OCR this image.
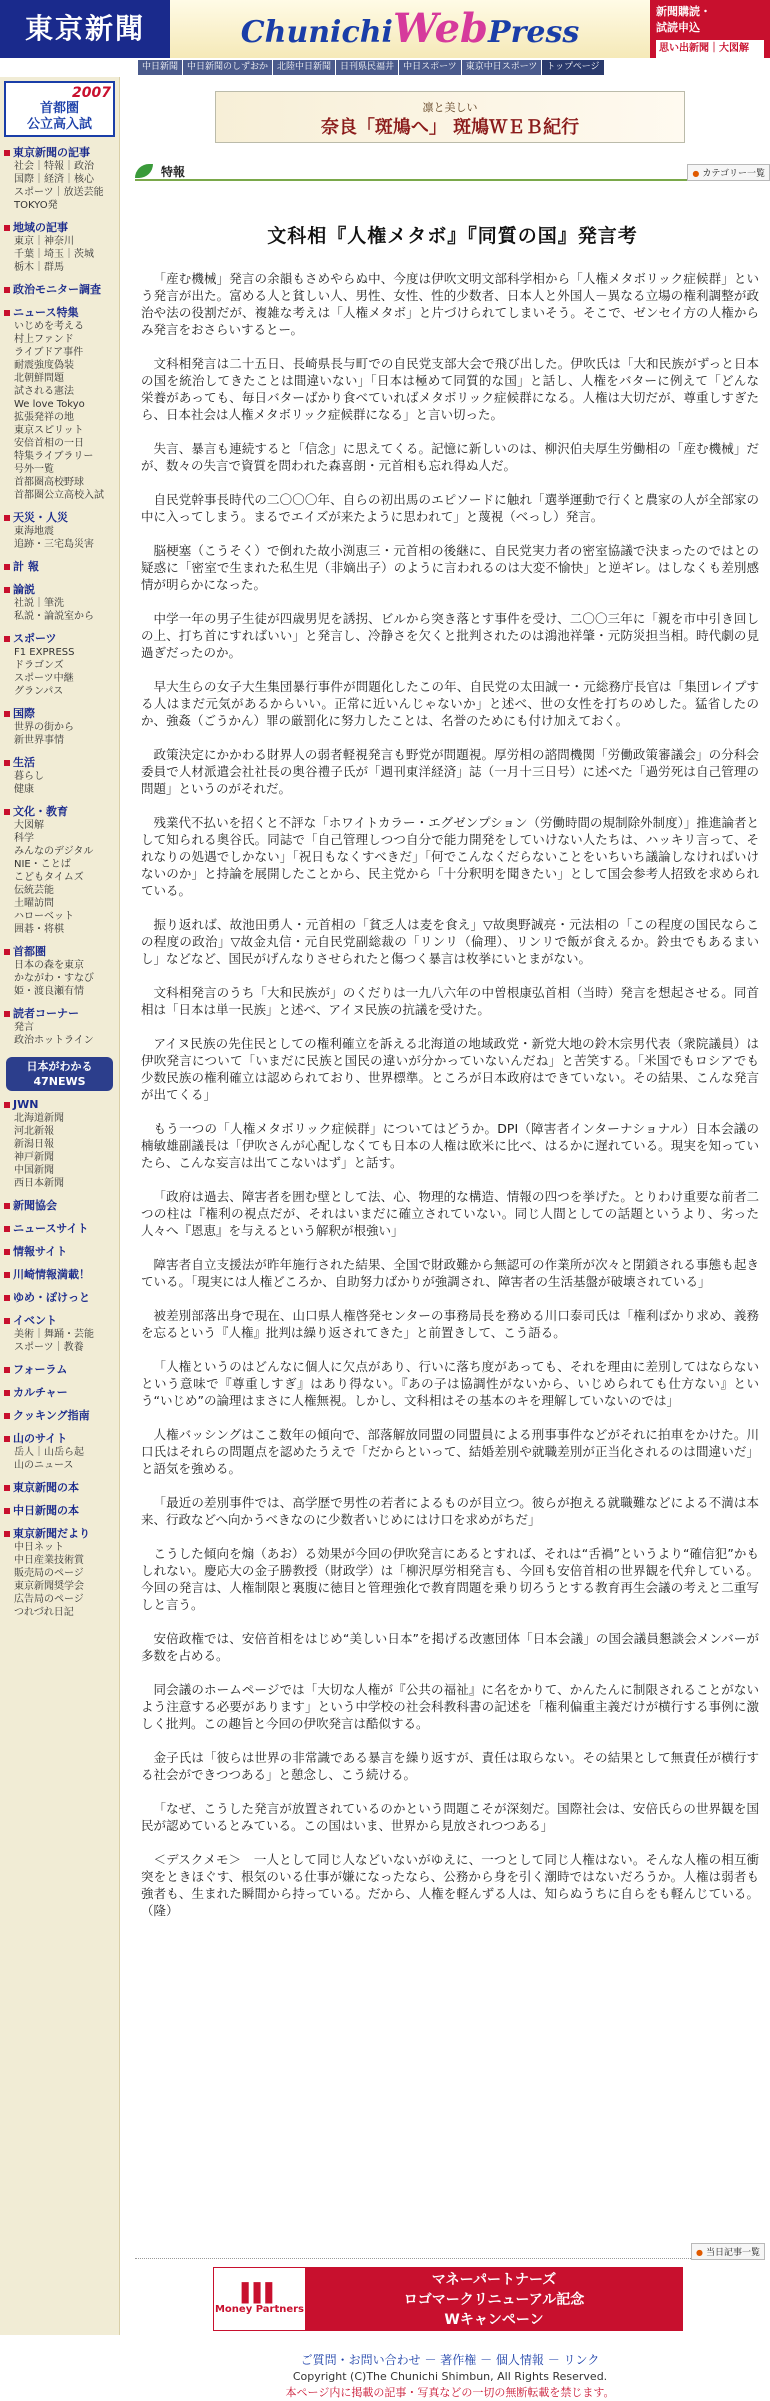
東京新聞	ChunichiWebPress
新聞購読・
試読申込
思い出新聞｜大図解
中日新聞	中日新聞のしずおか	北陸中日新聞	日刊県民福井	中日スポーツ	東京中日スポーツ	トップページ
2007
首都圏
公立高入試
東京新聞の記事
社会｜特報｜政治
国際｜経済｜核心
スポーツ｜放送芸能
TOKYO発
地域の記事
東京｜神奈川
千葉｜埼玉｜茨城
栃木｜群馬
政治モニター調査
ニュース特集
いじめを考える
村上ファンド
ライブドア事件
耐震強度偽装
北朝鮮問題
試される憲法
We love Tokyo
拡張発祥の地
東京スピリット
安倍首相の一日
特集ライブラリー
号外一覧
首都圏高校野球
首都圏公立高校入試
天災・人災
東海地震
追跡・三宅島災害
計 報
論説
社説｜筆洗
私説・論説室から
スポーツ
F1 EXPRESS
ドラゴンズ
スポーツ中継
グランパス
国際
世界の街から
新世界事情
生活
暮らし
健康
文化・教育
大図解
科学
みんなのデジタル
NIE・ことば
こどもタイムズ
伝統芸能
土曜訪問
ハローベット
囲碁・将棋
首都圏
日本の森を東京
かながわ・すなび
姫・渡良瀬有情
読者コーナー
発言
政治ホットライン
日本がわかる 47NEWS
JWN
北海道新聞
河北新報
新潟日報
神戸新聞
中国新聞
西日本新聞
新聞協会
ニュースサイト
情報サイト
川崎情報満載！
ゆめ・ぽけっと
イベント
美術｜舞踊・芸能
スポーツ｜教養
フォーラム
カルチャー
クッキング指南
山のサイト
岳人｜山岳ら起
山のニュース
東京新聞の本
中日新聞の本
東京新聞だより
中日ネット
中日産業技術賞
販売局のページ
東京新聞奨学会
広告局のページ
つれづれ日記
凛と美しい
奈良「斑鳩へ」 斑鳩ＷＥＢ紀行
特報
●	カテゴリー一覧
文科相『人権メタボ』『同質の国』発言考

「産む機械」発言の余韻もさめやらぬ中、今度は伊吹文明文部科学相から「人権メタボリック症候群」という発言が出た。富める人と貧しい人、男性、女性、性的少数者、日本人と外国人－異なる立場の権利調整が政治や法の役割だが、複雑な考えは「人権メタボ」と片づけられてしまいそう。そこで、ゼンセイ方の人権からみ発言をおさらいするとー。

文科相発言は二十五日、長崎県長与町での自民党支部大会で飛び出した。伊吹氏は「大和民族がずっと日本の国を統治してきたことは間違いない」「日本は極めて同質的な国」と話し、人権をバターに例えて「どんな栄養があっても、毎日バターばかり食べていればメタボリック症候群になる。人権は大切だが、尊重しすぎたら、日本社会は人権メタボリック症候群になる」と言い切った。

失言、暴言も連続すると「信念」に思えてくる。記憶に新しいのは、柳沢伯夫厚生労働相の「産む機械」だが、数々の失言で資質を問われた森喜朗・元首相も忘れ得ぬ人だ。

自民党幹事長時代の二〇〇〇年、自らの初出馬のエピソードに触れ「選挙運動で行くと農家の人が全部家の中に入ってしまう。まるでエイズが来たように思われて」と蔑視（べっし）発言。

脳梗塞（こうそく）で倒れた故小渕恵三・元首相の後継に、自民党実力者の密室協議で決まったのではとの疑惑に「密室で生まれた私生児（非嫡出子）のように言われるのは大変不愉快」と逆ギレ。はしなくも差別感情が明らかになった。

中学一年の男子生徒が四歳男児を誘拐、ビルから突き落とす事件を受け、二〇〇三年に「親を市中引き回しの上、打ち首にすればいい」と発言し、冷静さを欠くと批判されたのは鴻池祥肇・元防災担当相。時代劇の見過ぎだったのか。

早大生らの女子大生集団暴行事件が問題化したこの年、自民党の太田誠一・元総務庁長官は「集団レイプする人はまだ元気があるからいい。正常に近いんじゃないか」と述べ、世の女性を打ちのめした。猛省したのか、強姦（ごうかん）罪の厳罰化に努力したことは、名誉のためにも付け加えておく。

政策決定にかかわる財界人の弱者軽視発言も野党が問題視。厚労相の諮問機関「労働政策審議会」の分科会委員で人材派遣会社社長の奥谷禮子氏が「週刊東洋経済」誌（一月十三日号）に述べた「過労死は自己管理の問題」というのがそれだ。

残業代不払いを招くと不評な「ホワイトカラー・エグゼンプション（労働時間の規制除外制度）」推進論者として知られる奥谷氏。同誌で「自己管理しつつ自分で能力開発をしていけない人たちは、ハッキリ言って、それなりの処遇でしかない」「祝日もなくすべきだ」「何でこんなくだらないことをいちいち議論しなければいけないのか」と持論を展開したことから、民主党から「十分釈明を聞きたい」として国会参考人招致を求められている。

振り返れば、故池田勇人・元首相の「貧乏人は麦を食え」▽故奥野誠亮・元法相の「この程度の国民ならこの程度の政治」▽故金丸信・元自民党副総裁の「リンリ（倫理）、リンリで飯が食えるか。鈴虫でもあるまいし」などなど、国民がげんなりさせられたと傷つく暴言は枚挙にいとまがない。

文科相発言のうち「大和民族が」のくだりは一九八六年の中曽根康弘首相（当時）発言を想起させる。同首相は「日本は単一民族」と述べ、アイヌ民族の抗議を受けた。

アイヌ民族の先住民としての権利確立を訴える北海道の地域政党・新党大地の鈴木宗男代表（衆院議員）は伊吹発言について「いまだに民族と国民の違いが分かっていないんだね」と苦笑する。「米国でもロシアでも少数民族の権利確立は認められており、世界標準。ところが日本政府はできていない。その結果、こんな発言が出てくる」

もう一つの「人権メタボリック症候群」についてはどうか。DPI（障害者インターナショナル）日本会議の楠敏雄副議長は「伊吹さんが心配しなくても日本の人権は欧米に比べ、はるかに遅れている。現実を知っていたら、こんな妄言は出てこないはず」と話す。

「政府は過去、障害者を囲む壁として法、心、物理的な構造、情報の四つを挙げた。とりわけ重要な前者二つの柱は『権利の視点だが、それはいまだに確立されていない。同じ人間としての話題というより、劣った人々へ『恩恵』を与えるという解釈が根強い」

障害者自立支援法が昨年施行された結果、全国で財政難から無認可の作業所が次々と閉鎖される事態も起きている。「現実には人権どころか、自助努力ばかりが強調され、障害者の生活基盤が破壊されている」

被差別部落出身で現在、山口県人権啓発センターの事務局長を務める川口泰司氏は「権利ばかり求め、義務を忘るという『人権』批判は繰り返されてきた」と前置きして、こう語る。

「人権というのはどんなに個人に欠点があり、行いに落ち度があっても、それを理由に差別してはならないという意味で『尊重しすぎ』はあり得ない。『あの子は協調性がないから、いじめられても仕方ない』という“いじめ”の論理はまさに人権無視。しかし、文科相はその基本のキを理解していないのでは」

人権バッシングはここ数年の傾向で、部落解放同盟の同盟員による刑事事件などがそれに拍車をかけた。川口氏はそれらの問題点を認めたうえで「だからといって、結婚差別や就職差別が正当化されるのは間違いだ」と語気を強める。

「最近の差別事件では、高学歴で男性の若者によるものが目立つ。彼らが抱える就職難などによる不満は本来、行政などへ向かうべきなのに少数者いじめにはけ口を求めがちだ」

こうした傾向を煽（あお）る効果が今回の伊吹発言にあるとすれば、それは“舌禍”というより“確信犯”かもしれない。慶応大の金子勝教授（財政学）は「柳沢厚労相発言も、今回も安倍首相の世界観を代弁している。今回の発言は、人権制限と裏腹に徳目と管理強化で教育問題を乗り切ろうとする教育再生会議の考えと二重写しと言う。

安倍政権では、安倍首相をはじめ“美しい日本”を掲げる改憲団体「日本会議」の国会議員懇談会メンバーが多数を占める。

同会議のホームページでは「大切な人権が『公共の福祉』に名をかりて、かんたんに制限されることがないよう注意する必要があります」という中学校の社会科教科書の記述を「権利偏重主義だけが横行する事例に激しく批判。この趣旨と今回の伊吹発言は酷似する。

金子氏は「彼らは世界の非常識である暴言を繰り返すが、責任は取らない。その結果として無責任が横行する社会ができつつある」と憩念し、こう続ける。

「なぜ、こうした発言が放置されているのかという問題こそが深刻だ。国際社会は、安倍氏らの世界観を国民が認めているとみている。この国はいま、世界から見放されつつある」

＜デスクメモ＞　一人として同じ人などいないがゆえに、一つとして同じ人権はない。そんな人権の相互衝突をときほぐす、根気のいる仕事が嫌になったなら、公務から身を引く潮時ではないだろうか。人権は弱者も強者も、生まれた瞬間から持っている。だから、人権を軽んずる人は、知らぬうちに自らをも軽んじている。（隆）

● 当日記事一覧
▌▌▌
Money Partners
マネーパートナーズ
ロゴマークリニューアル記念
Wキャンペーン
ご質問・お問い合わせ － 著作権 － 個人情報 － リンク
Copyright (C)The Chunichi Shimbun, All Rights Reserved.
本ページ内に掲載の記事・写真などの一切の無断転載を禁じます。
